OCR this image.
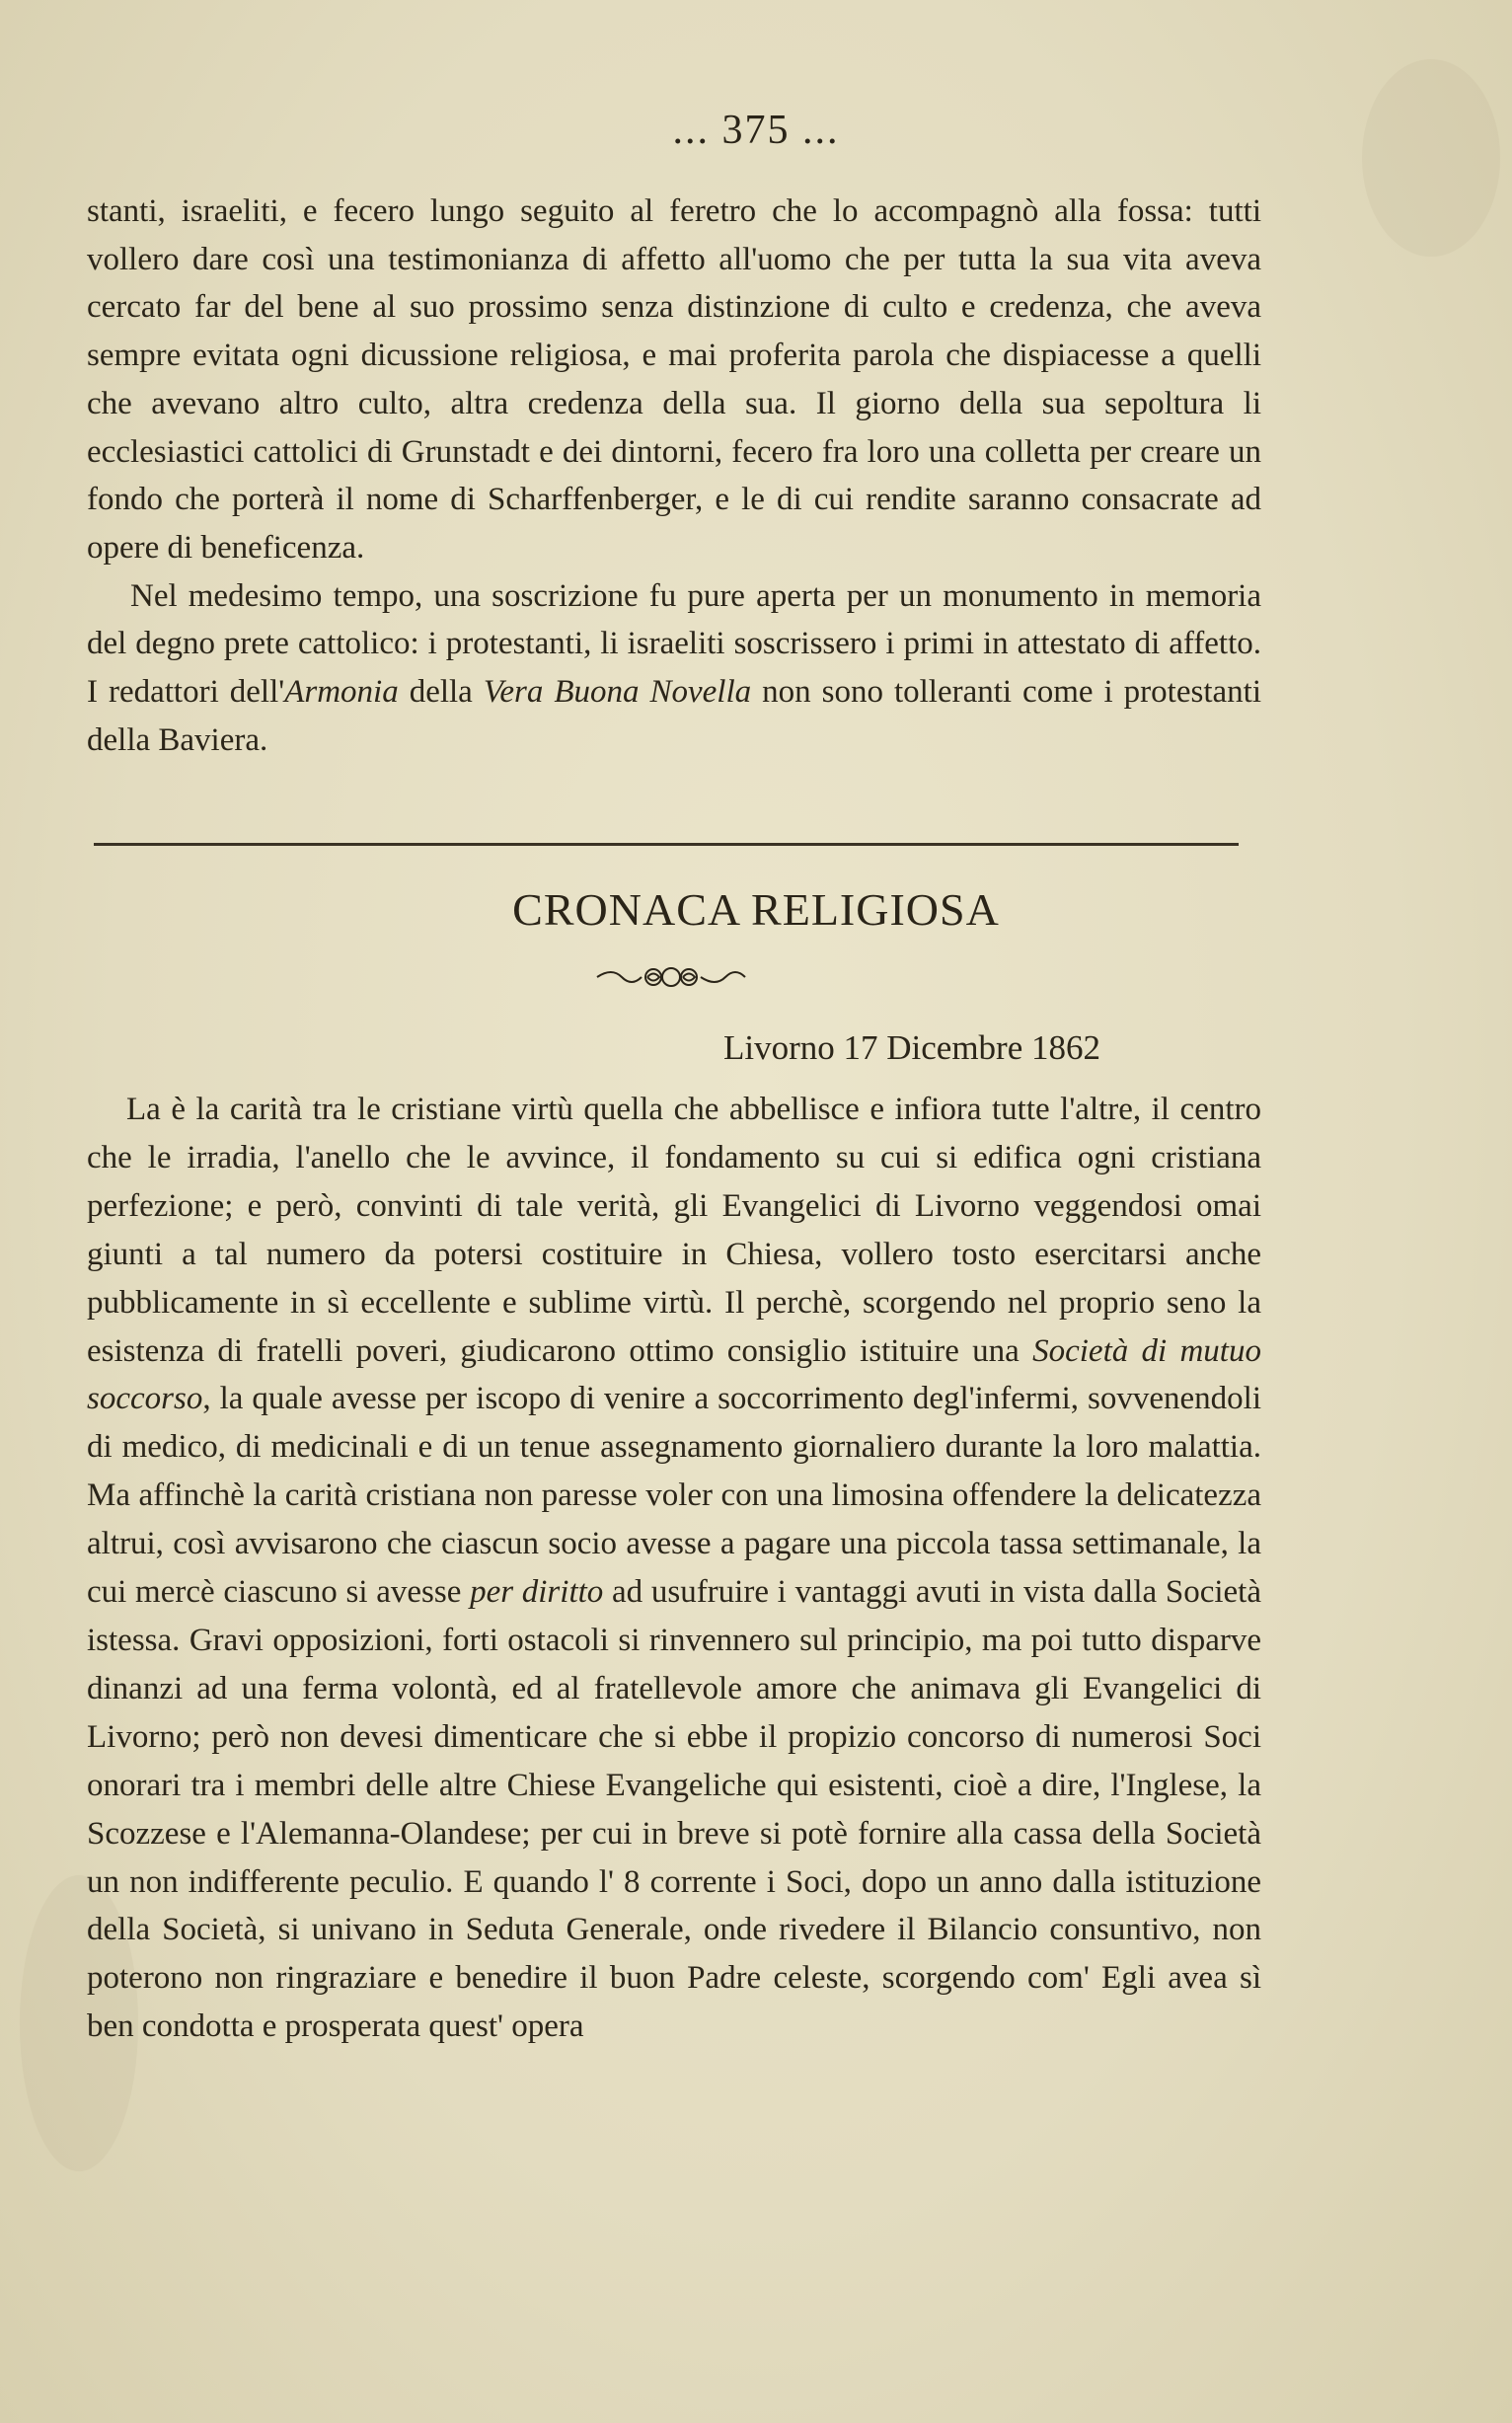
... 375 ...

stanti, israeliti, e fecero lungo seguito al feretro che lo accompagnò alla fossa: tutti vollero dare così una testimonianza di affetto all'uomo che per tutta la sua vita aveva cercato far del bene al suo prossimo senza distinzione di culto e credenza, che aveva sempre evitata ogni dicussione religiosa, e mai proferita parola che dispiacesse a quelli che avevano altro culto, altra credenza della sua. Il giorno della sua sepoltura li ecclesiastici cattolici di Grunstadt e dei dintorni, fecero fra loro una colletta per creare un fondo che porterà il nome di Scharffenberger, e le di cui rendite saranno consacrate ad opere di beneficenza.

Nel medesimo tempo, una soscrizione fu pure aperta per un monumento in memoria del degno prete cattolico: i protestanti, li israeliti soscrissero i primi in attestato di affetto. I redattori dell'Armonia della Vera Buona Novella non sono tolleranti come i protestanti della Baviera.

CRONACA RELIGIOSA
Livorno 17 Dicembre 1862

La è la carità tra le cristiane virtù quella che abbellisce e infiora tutte l'altre, il centro che le irradia, l'anello che le avvince, il fondamento su cui si edifica ogni cristiana perfezione; e però, convinti di tale verità, gli Evangelici di Livorno veggendosi omai giunti a tal numero da potersi costituire in Chiesa, vollero tosto esercitarsi anche pubblicamente in sì eccellente e sublime virtù. Il perchè, scorgendo nel proprio seno la esistenza di fratelli poveri, giudicarono ottimo consiglio istituire una Società di mutuo soccorso, la quale avesse per iscopo di venire a soccorrimento degl'infermi, sovvenendoli di medico, di medicinali e di un tenue assegnamento giornaliero durante la loro malattia. Ma affinchè la carità cristiana non paresse voler con una limosina offendere la delicatezza altrui, così avvisarono che ciascun socio avesse a pagare una piccola tassa settimanale, la cui mercè ciascuno si avesse per diritto ad usufruire i vantaggi avuti in vista dalla Società istessa. Gravi opposizioni, forti ostacoli si rinvennero sul principio, ma poi tutto disparve dinanzi ad una ferma volontà, ed al fratellevole amore che animava gli Evangelici di Livorno; però non devesi dimenticare che si ebbe il propizio concorso di numerosi Soci onorari tra i membri delle altre Chiese Evangeliche qui esistenti, cioè a dire, l'Inglese, la Scozzese e l'Alemanna-Olandese; per cui in breve si potè fornire alla cassa della Società un non indifferente peculio. E quando l' 8 corrente i Soci, dopo un anno dalla istituzione della Società, si univano in Seduta Generale, onde rivedere il Bilancio consuntivo, non poterono non ringraziare e benedire il buon Padre celeste, scorgendo com' Egli avea sì ben condotta e prosperata quest' opera
